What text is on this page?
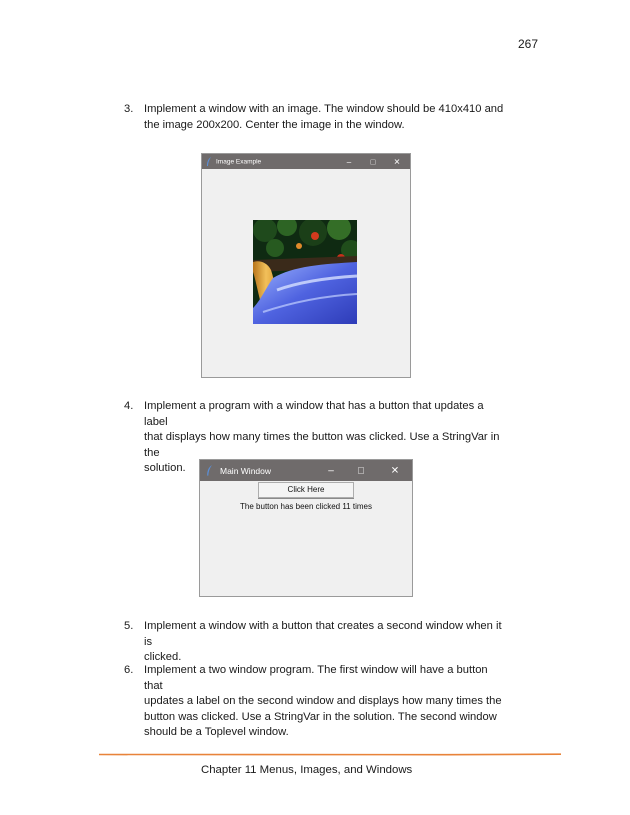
267
3. Implement a window with an image. The window should be 410x410 and
the image 200x200. Center the image in the window.
Image Example	–	□	✕
4. Implement a program with a window that has a button that updates a label
that displays how many times the button was clicked. Use a StringVar in the
solution.	Main Window	–	□	✕
Click Here
The button has been clicked 11 times
5. Implement a window with a button that creates a second window when it is
clicked.
6. Implement a two window program. The first window will have a button that
updates a label on the second window and displays how many times the
button was clicked. Use a StringVar in the solution. The second window
should be a Toplevel window.
Chapter 11 Menus, Images, and Windows
